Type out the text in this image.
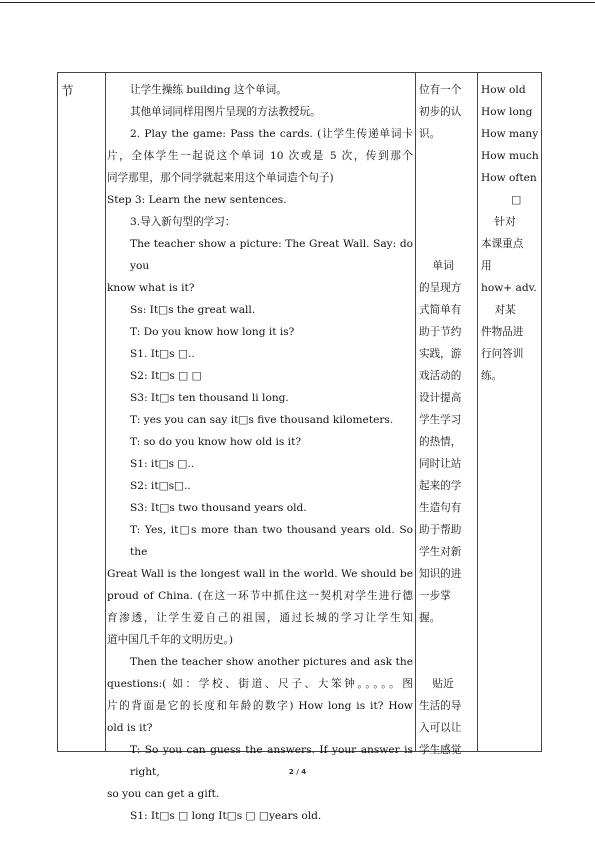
节	让学生操练 building 这个单词。
其他单词同样用图片呈现的方法教授玩。
2. Play the game: Pass the cards. (让学生传递单词卡
片，全体学生一起说这个单词 10 次或是 5 次，传到那个
同学那里，那个同学就起来用这个单词造个句子)
Step 3: Learn the new sentences.
3.导入新句型的学习：
The teacher show a picture: The Great Wall. Say: do you
know what is it?
Ss: It□s the great wall.
T: Do you know how long it is?
S1. It□s □..
S2: It□s □ □
S3: It□s ten thousand li long.
T: yes you can say it□s five thousand kilometers.
T: so do you know how old is it?
S1: it□s □..
S2: it□s□..
S3: It□s two thousand years old.
T: Yes, it□s more than two thousand years old. So the
Great Wall is the longest wall in the world. We should be
proud of China. (在这一环节中抓住这一契机对学生进行德
育渗透，让学生爱自己的祖国，通过长城的学习让学生知
道中国几千年的文明历史。)
Then the teacher show another pictures and ask the
questions:( 如：学校、街道、尺子、大笨钟。。。。。图
片的背面是它的长度和年龄的数字) How long is it? How
old is it?
T: So you can guess the answers. If your answer is right,
so you can get a gift.
S1: It□s □ long It□s □ □years old.
位有一个
初步的认
识。

单词
的呈现方
式简单有
助于节约
实践，游
戏活动的
设计提高
学生学习
的热情，
同时让站
起来的学
生造句有
助于帮助
学生对新
知识的进
一步掌
握。

贴近
生活的导
入可以让
学生感觉
How old
How long
How many
How much
How often
□
针对
本课重点
用
how+ adv.
对某
件物品进
行问答训
练。
2 / 4
